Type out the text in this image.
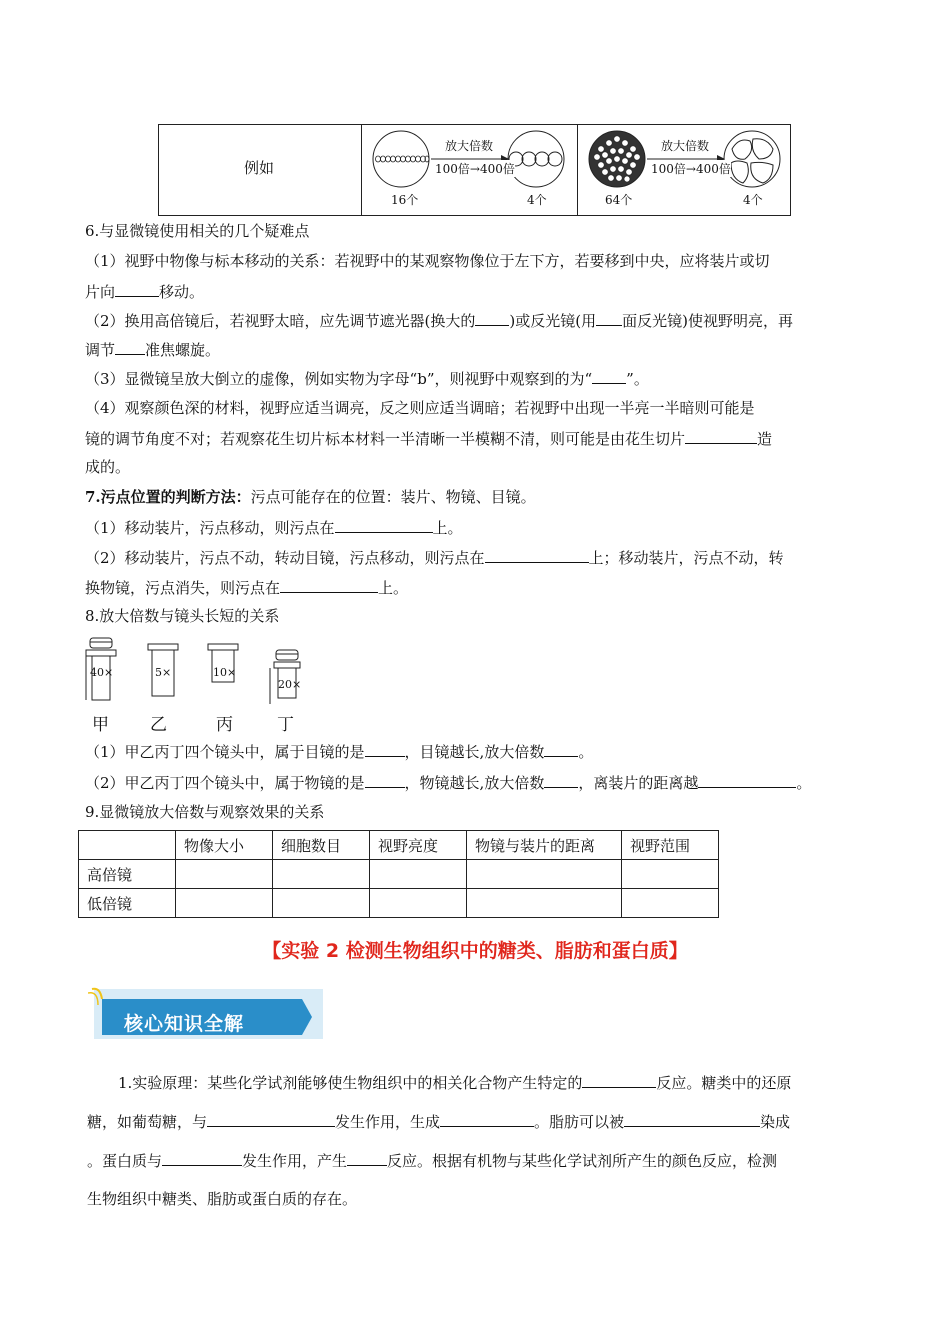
例如
放大倍数
100倍→400倍
16个	4个
放大倍数
100倍→400倍
64个	4个
6.与显微镜使用相关的几个疑难点
（1）视野中物像与标本移动的关系：若视野中的某观察物像位于左下方，若要移到中央，应将装片或切
片向	移动。
（2）换用高倍镜后，若视野太暗，应先调节遮光器(换大的 )或反光镜(用 面反光镜)使视野明亮，再
调节 准焦螺旋。
（3）显微镜呈放大倒立的虚像，例如实物为字母“b”，则视野中观察到的为“ ”。
（4）观察颜色深的材料，视野应适当调亮，反之则应适当调暗；若视野中出现一半亮一半暗则可能是
镜的调节角度不对；若观察花生切片标本材料一半清晰一半模糊不清，则可能是由花生切片	造
成的。
7.污点位置的判断方法：污点可能存在的位置：装片、物镜、目镜。
（1）移动装片，污点移动，则污点在	上。
（2）移动装片，污点不动，转动目镜，污点移动，则污点在	上；移动装片，污点不动，转
换物镜，污点消失，则污点在	上。
8.放大倍数与镜头长短的关系
40×	5×	10×
20×
甲 乙	丙	丁
（1）甲乙丙丁四个镜头中，属于目镜的是	，目镜越长,放大倍数 。
（2）甲乙丙丁四个镜头中，属于物镜的是	，物镜越长,放大倍数 ，离装片的距离越	。
9.显微镜放大倍数与观察效果的关系
	物像大小	细胞数目	视野亮度	物镜与装片的距离	视野范围
高倍镜					
低倍镜					
【实验 2 检测生物组织中的糖类、脂肪和蛋白质】
核心知识全解
1.实验原理：某些化学试剂能够使生物组织中的相关化合物产生特定的	反应。糖类中的还原
糖，如葡萄糖，与	发生作用，生成	。脂肪可以被	染成
。蛋白质与	发生作用，产生	反应。根据有机物与某些化学试剂所产生的颜色反应，检测
生物组织中糖类、脂肪或蛋白质的存在。
